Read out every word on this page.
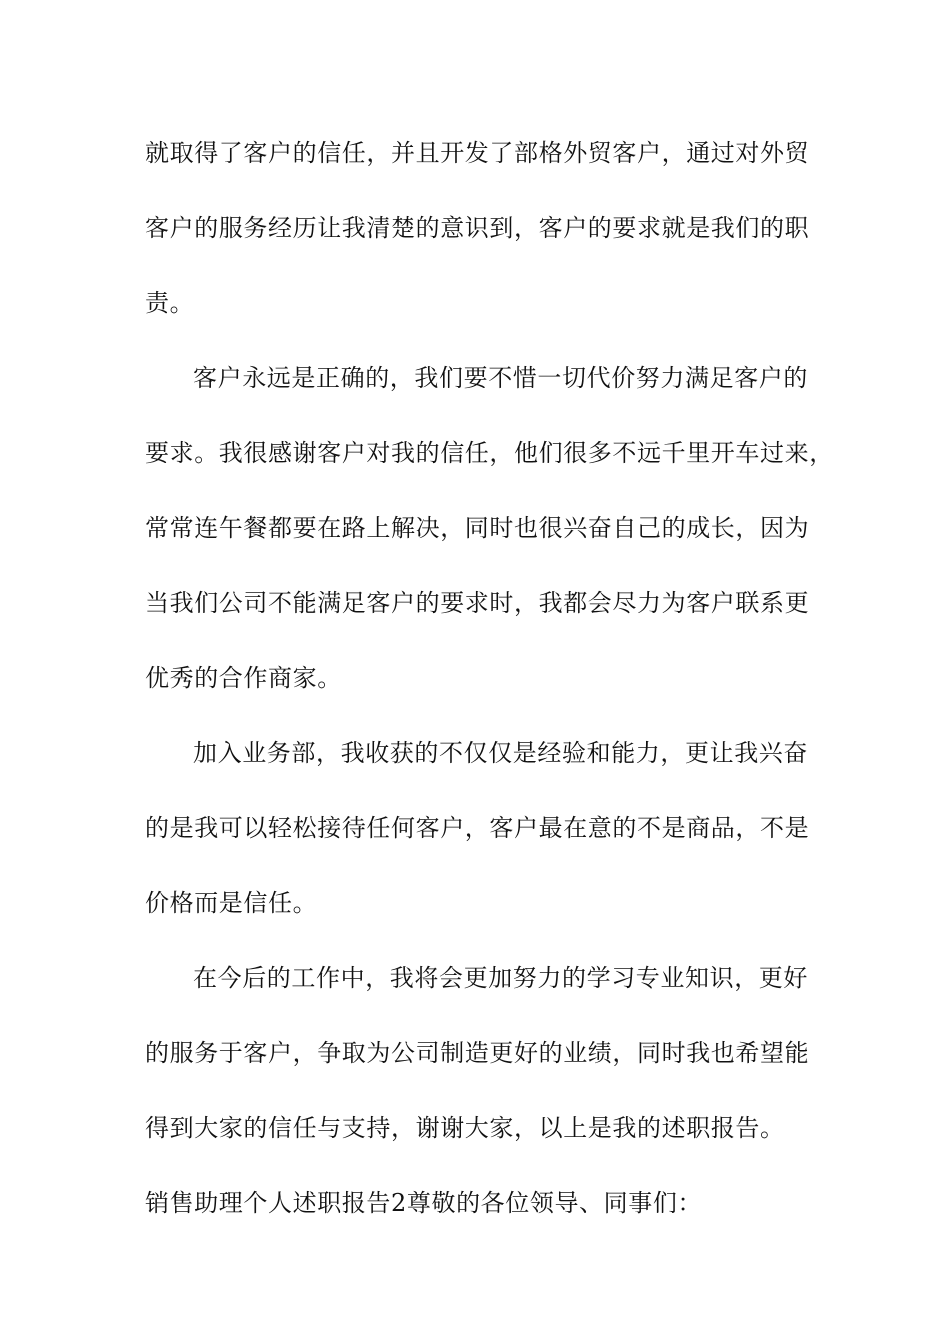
就取得了客户的信任，并且开发了部格外贸客户，通过对外贸
客户的服务经历让我清楚的意识到，客户的要求就是我们的职
责。
客户永远是正确的，我们要不惜一切代价努力满足客户的
要求。我很感谢客户对我的信任，他们很多不远千里开车过来，
常常连午餐都要在路上解决，同时也很兴奋自己的成长，因为
当我们公司不能满足客户的要求时，我都会尽力为客户联系更
优秀的合作商家。
加入业务部，我收获的不仅仅是经验和能力，更让我兴奋
的是我可以轻松接待任何客户，客户最在意的不是商品，不是
价格而是信任。
在今后的工作中，我将会更加努力的学习专业知识，更好
的服务于客户，争取为公司制造更好的业绩，同时我也希望能
得到大家的信任与支持，谢谢大家，以上是我的述职报告。
销售助理个人述职报告2尊敬的各位领导、同事们：
